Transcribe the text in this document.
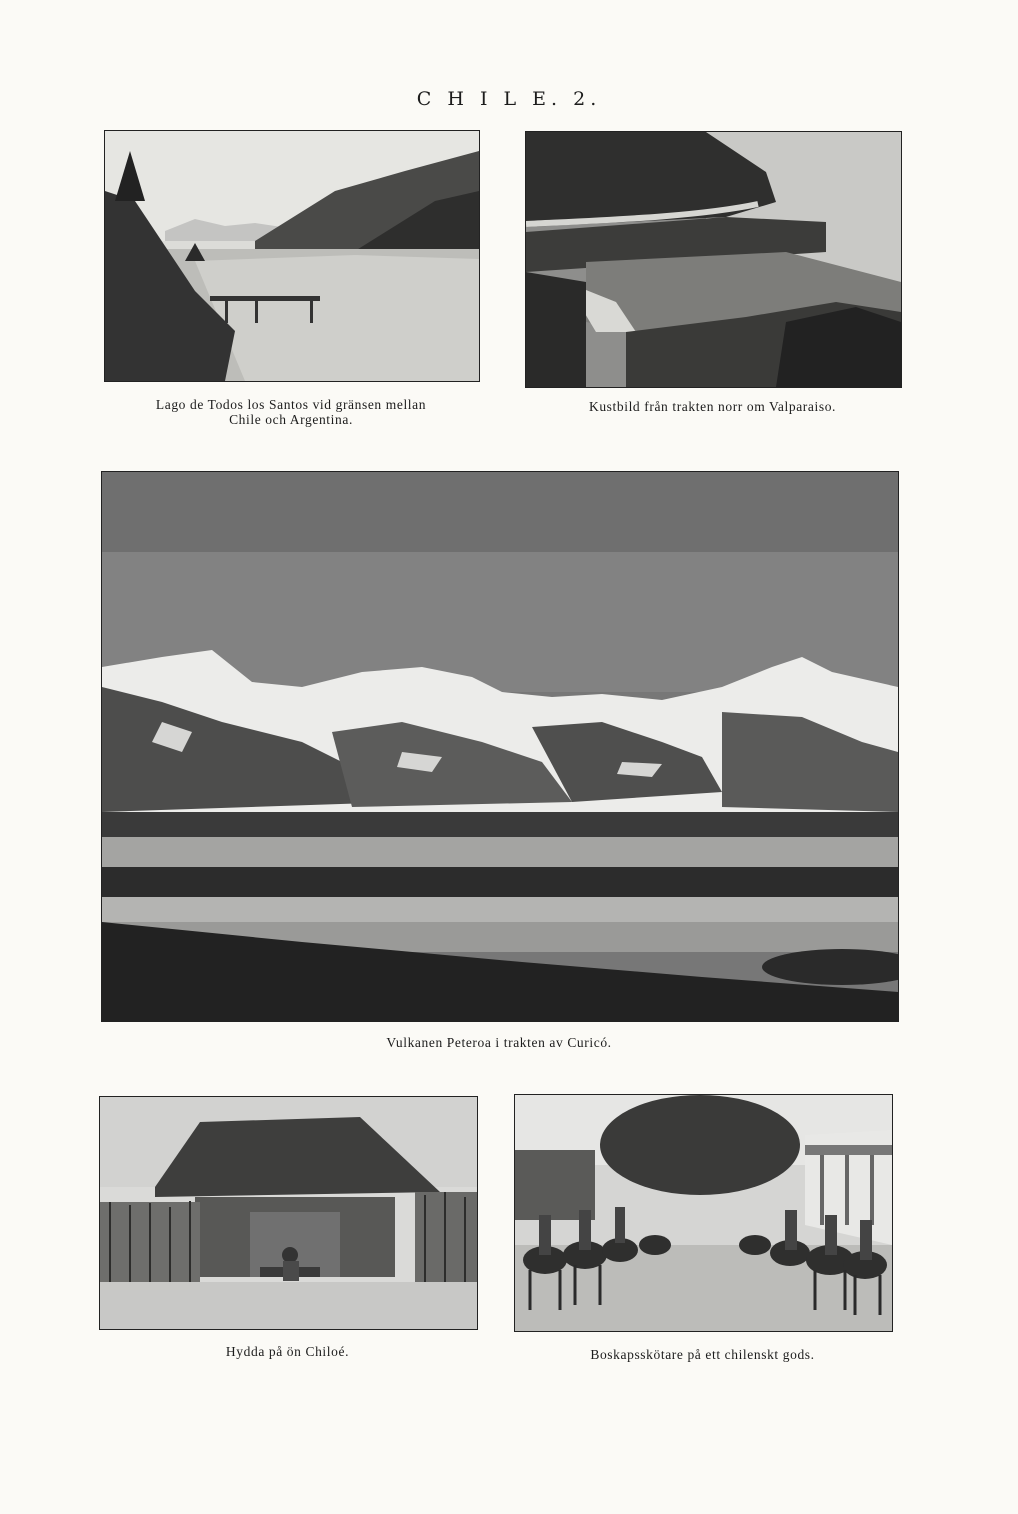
C H I L E. 2.
Lago de Todos los Santos vid gränsen mellan
Chile och Argentina.
Kustbild från trakten norr om Valparaiso.
Vulkanen Peteroa i trakten av Curicó.
Hydda på ön Chiloé.	Boskapsskötare på ett chilenskt gods.
